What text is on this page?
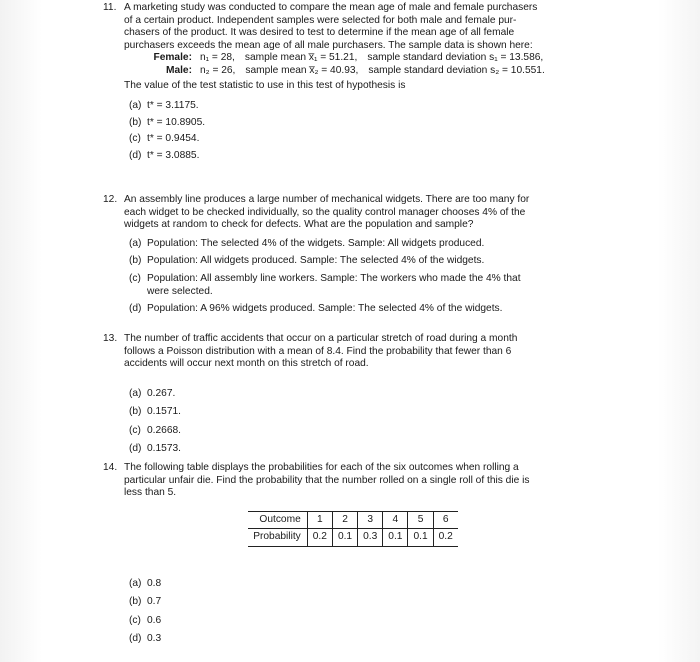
11. A marketing study was conducted to compare the mean age of male and female purchasers
of a certain product. Independent samples were selected for both male and female pur-
chasers of the product. It was desired to test to determine if the mean age of all female
purchasers exceeds the mean age of all male purchasers. The sample data is shown here:
Female: n₁ = 28, sample mean x̅₁ = 51.21, sample standard deviation s₁ = 13.586,
Male: n₂ = 26, sample mean x̅₂ = 40.93, sample standard deviation s₂ = 10.551.
The value of the test statistic to use in this test of hypothesis is
(a) t* = 3.1175.
(b) t* = 10.8905.
(c) t* = 0.9454.
(d) t* = 3.0885.
12. An assembly line produces a large number of mechanical widgets. There are too many for
each widget to be checked individually, so the quality control manager chooses 4% of the
widgets at random to check for defects. What are the population and sample?
(a) Population: The selected 4% of the widgets. Sample: All widgets produced.
(b) Population: All widgets produced. Sample: The selected 4% of the widgets.
(c) Population: All assembly line workers. Sample: The workers who made the 4% that
were selected.
(d) Population: A 96% widgets produced. Sample: The selected 4% of the widgets.
13. The number of traffic accidents that occur on a particular stretch of road during a month
follows a Poisson distribution with a mean of 8.4. Find the probability that fewer than 6
accidents will occur next month on this stretch of road.
(a) 0.267.
(b) 0.1571.
(c) 0.2668.
(d) 0.1573.
14. The following table displays the probabilities for each of the six outcomes when rolling a
particular unfair die. Find the probability that the number rolled on a single roll of this die is
less than 5.
Outcome	1	2	3	4	5	6
Probability	0.2	0.1	0.3	0.1	0.1	0.2
(a) 0.8
(b) 0.7
(c) 0.6
(d) 0.3
